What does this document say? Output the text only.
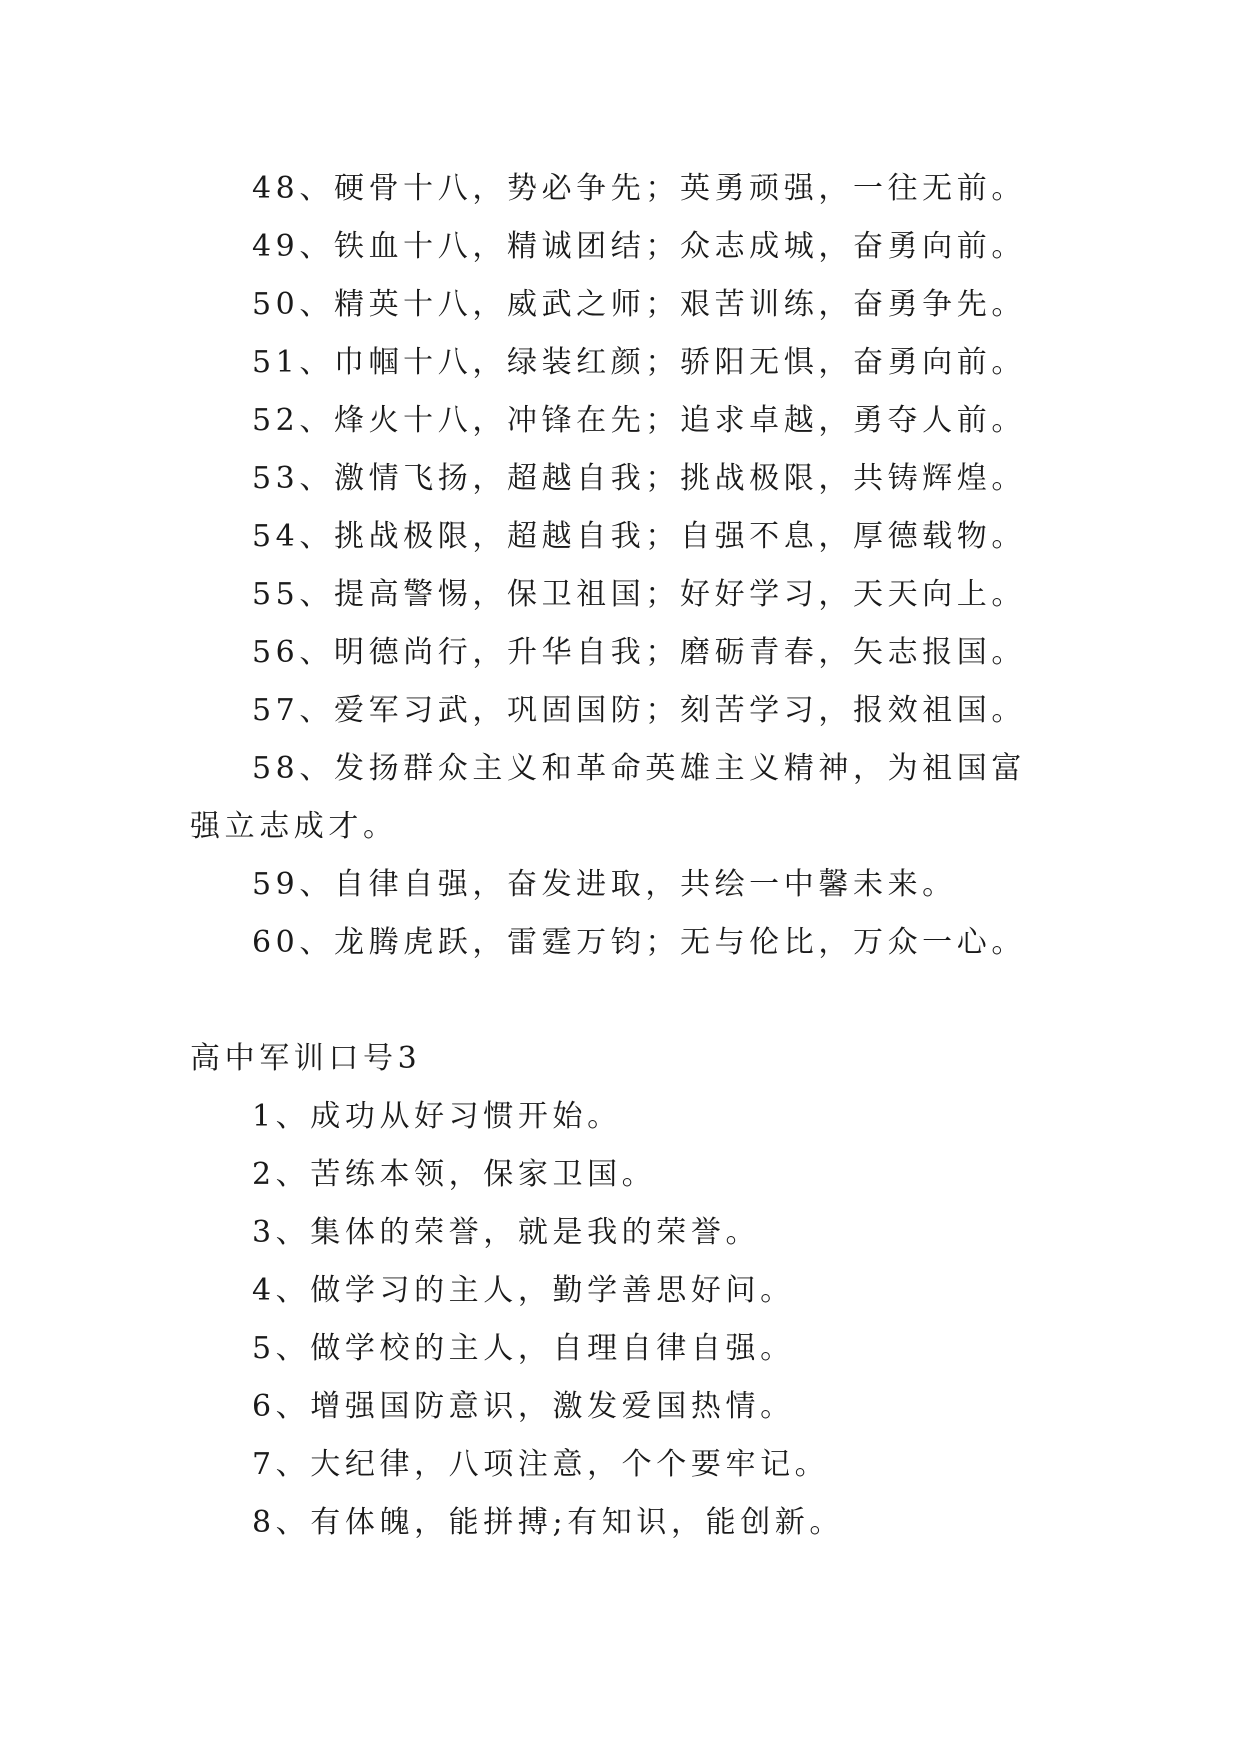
48、硬骨十八，势必争先；英勇顽强，一往无前。

49、铁血十八，精诚团结；众志成城，奋勇向前。

50、精英十八，威武之师；艰苦训练，奋勇争先。

51、巾帼十八，绿装红颜；骄阳无惧，奋勇向前。

52、烽火十八，冲锋在先；追求卓越，勇夺人前。

53、激情飞扬，超越自我；挑战极限，共铸辉煌。

54、挑战极限，超越自我；自强不息，厚德载物。

55、提高警惕，保卫祖国；好好学习，天天向上。

56、明德尚行，升华自我；磨砺青春，矢志报国。

57、爱军习武，巩固国防；刻苦学习，报效祖国。

58、发扬群众主义和革命英雄主义精神，为祖国富强立志成才。

59、自律自强，奋发进取，共绘一中馨未来。

60、龙腾虎跃，雷霆万钧；无与伦比，万众一心。

高中军训口号3

1、成功从好习惯开始。

2、苦练本领，保家卫国。

3、集体的荣誉，就是我的荣誉。

4、做学习的主人，勤学善思好问。

5、做学校的主人，自理自律自强。

6、增强国防意识，激发爱国热情。

7、大纪律，八项注意，个个要牢记。

8、有体魄，能拼搏;有知识，能创新。
